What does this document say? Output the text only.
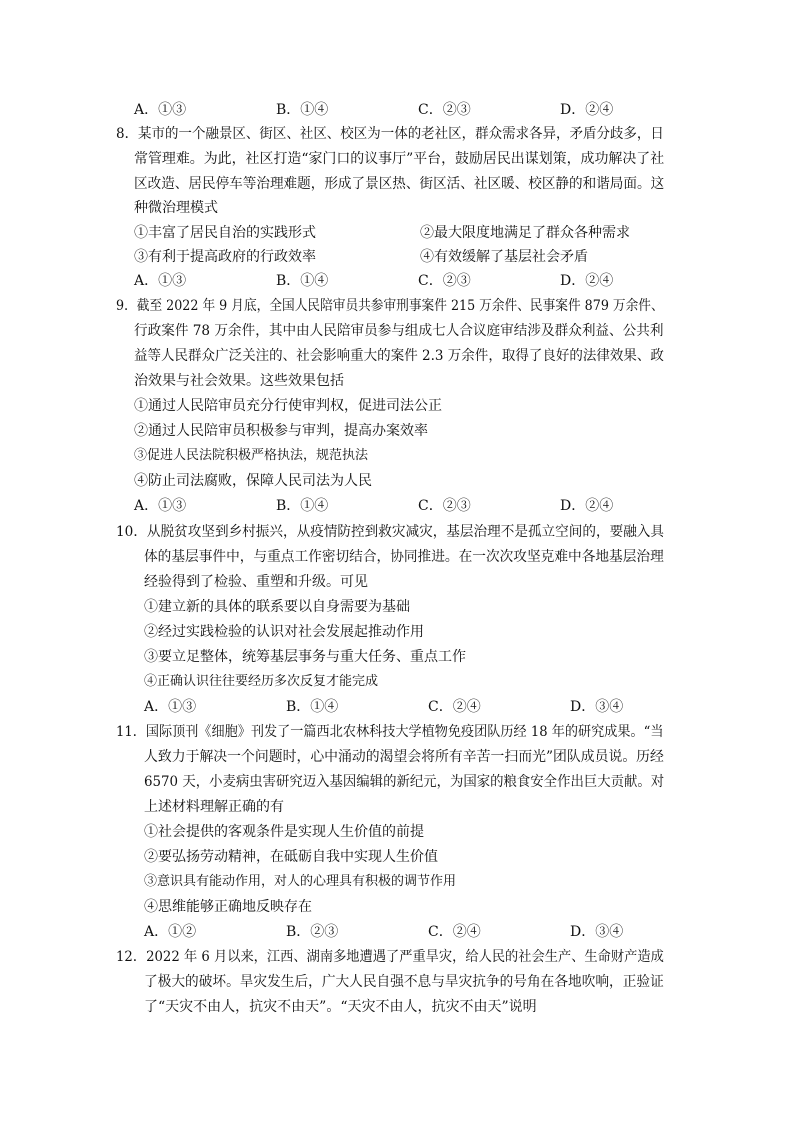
A．①③	B．①④	C．②③	D．②④
8．某市的一个融景区、街区、社区、校区为一体的老社区，群众需求各异，矛盾分歧多，日
常管理难。为此，社区打造“家门口的议事厅”平台，鼓励居民出谋划策，成功解决了社
区改造、居民停车等治理难题，形成了景区热、街区活、社区暖、校区静的和谐局面。这
种微治理模式
①丰富了居民自治的实践形式	②最大限度地满足了群众各种需求
③有利于提高政府的行政效率	④有效缓解了基层社会矛盾
A．①③	B．①④	C．②③	D．②④
9．截至 2022 年 9 月底，全国人民陪审员共参审刑事案件 215 万余件、民事案件 879 万余件、
行政案件 78 万余件，其中由人民陪审员参与组成七人合议庭审结涉及群众利益、公共利
益等人民群众广泛关注的、社会影响重大的案件 2.3 万余件，取得了良好的法律效果、政
治效果与社会效果。这些效果包括
①通过人民陪审员充分行使审判权，促进司法公正
②通过人民陪审员积极参与审判，提高办案效率
③促进人民法院积极严格执法，规范执法
④防止司法腐败，保障人民司法为人民
A．①③	B．①④	C．②③	D．②④
10．从脱贫攻坚到乡村振兴，从疫情防控到救灾减灾，基层治理不是孤立空间的，要融入具
体的基层事件中，与重点工作密切结合，协同推进。在一次次攻坚克难中各地基层治理
经验得到了检验、重塑和升级。可见
①建立新的具体的联系要以自身需要为基础
②经过实践检验的认识对社会发展起推动作用
③要立足整体，统筹基层事务与重大任务、重点工作
④正确认识往往要经历多次反复才能完成
A．①③	B．①④	C．②④	D．③④
11．国际顶刊《细胞》刊发了一篇西北农林科技大学植物免疫团队历经 18 年的研究成果。“当
人致力于解决一个问题时，心中涌动的渴望会将所有辛苦一扫而光”团队成员说。历经
6570 天，小麦病虫害研究迈入基因编辑的新纪元，为国家的粮食安全作出巨大贡献。对
上述材料理解正确的有
①社会提供的客观条件是实现人生价值的前提
②要弘扬劳动精神，在砥砺自我中实现人生价值
③意识具有能动作用，对人的心理具有积极的调节作用
④思维能够正确地反映存在
A．①②	B．②③	C．②④	D．③④
12．2022 年 6 月以来，江西、湖南多地遭遇了严重旱灾，给人民的社会生产、生命财产造成
了极大的破坏。旱灾发生后，广大人民自强不息与旱灾抗争的号角在各地吹响，正验证
了“天灾不由人，抗灾不由天”。“天灾不由人，抗灾不由天”说明
